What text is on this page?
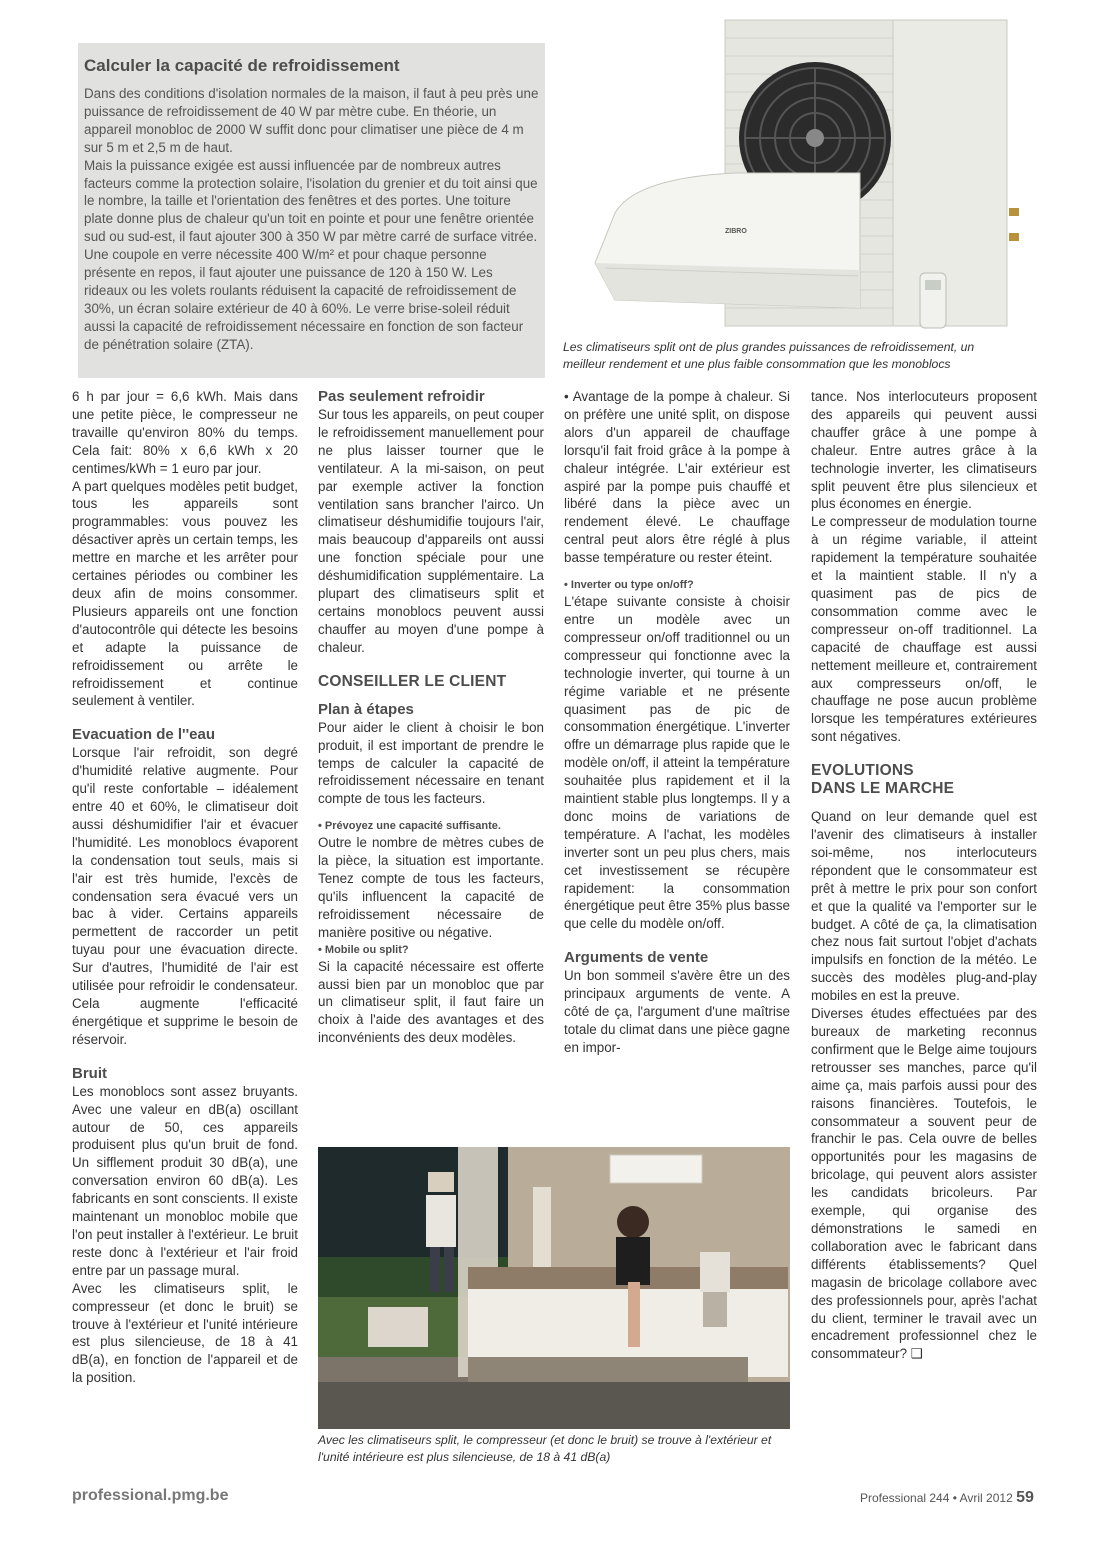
Calculer la capacité de refroidissement

Dans des conditions d'isolation normales de la maison, il faut à peu près une puissance de refroidissement de 40 W par mètre cube. En théorie, un appareil monobloc de 2000 W suffit donc pour climatiser une pièce de 4 m sur 5 m et 2,5 m de haut.

Mais la puissance exigée est aussi influencée par de nombreux autres facteurs comme la protection solaire, l'isolation du grenier et du toit ainsi que le nombre, la taille et l'orientation des fenêtres et des portes. Une toiture plate donne plus de chaleur qu'un toit en pointe et pour une fenêtre orientée sud ou sud-est, il faut ajouter 300 à 350 W par mètre carré de surface vitrée. Une coupole en verre nécessite 400 W/m² et pour chaque personne présente en repos, il faut ajouter une puissance de 120 à 150 W. Les rideaux ou les volets roulants réduisent la capacité de refroidissement de 30%, un écran solaire extérieur de 40 à 60%. Le verre brise-soleil réduit aussi la capacité de refroidissement nécessaire en fonction de son facteur de pénétration solaire (ZTA).

ZIBRO
Les climatiseurs split ont de plus grandes puissances de refroidissement, un meilleur rendement et une plus faible consommation que les monoblocs

6 h par jour = 6,6 kWh. Mais dans une petite pièce, le compresseur ne travaille qu'environ 80% du temps. Cela fait: 80% x 6,6 kWh x 20 centimes/kWh = 1 euro par jour.

A part quelques modèles petit budget, tous les appareils sont programmables: vous pouvez les désactiver après un certain temps, les mettre en marche et les arrêter pour certaines périodes ou combiner les deux afin de moins consommer. Plusieurs appareils ont une fonction d'autocontrôle qui détecte les besoins et adapte la puissance de refroidissement ou arrête le refroidissement et continue seulement à ventiler.

Evacuation de l''eau

Lorsque l'air refroidit, son degré d'humidité relative augmente. Pour qu'il reste confortable – idéalement entre 40 et 60%, le climatiseur doit aussi déshumidifier l'air et évacuer l'humidité. Les monoblocs évaporent la condensation tout seuls, mais si l'air est très humide, l'excès de condensation sera évacué vers un bac à vider. Certains appareils permettent de raccorder un petit tuyau pour une évacuation directe. Sur d'autres, l'humidité de l'air est utilisée pour refroidir le condensateur. Cela augmente l'efficacité énergétique et supprime le besoin de réservoir.

Bruit

Les monoblocs sont assez bruyants. Avec une valeur en dB(a) oscillant autour de 50, ces appareils produisent plus qu'un bruit de fond. Un sifflement produit 30 dB(a), une conversation environ 60 dB(a). Les fabricants en sont conscients. Il existe maintenant un monobloc mobile que l'on peut installer à l'extérieur. Le bruit reste donc à l'extérieur et l'air froid entre par un passage mural.

Avec les climatiseurs split, le compresseur (et donc le bruit) se trouve à l'extérieur et l'unité intérieure est plus silencieuse, de 18 à 41 dB(a), en fonction de l'appareil et de la position.

Pas seulement refroidir

Sur tous les appareils, on peut couper le refroidissement manuellement pour ne plus laisser tourner que le ventilateur. A la mi-saison, on peut par exemple activer la fonction ventilation sans brancher l'airco. Un climatiseur déshumidifie toujours l'air, mais beaucoup d'appareils ont aussi une fonction spéciale pour une déshumidification supplémentaire. La plupart des climatiseurs split et certains monoblocs peuvent aussi chauffer au moyen d'une pompe à chaleur.

CONSEILLER LE CLIENT
Plan à étapes

Pour aider le client à choisir le bon produit, il est important de prendre le temps de calculer la capacité de refroidissement nécessaire en tenant compte de tous les facteurs.

• Prévoyez une capacité suffisante.

Outre le nombre de mètres cubes de la pièce, la situation est importante. Tenez compte de tous les facteurs, qu'ils influencent la capacité de refroidissement nécessaire de manière positive ou négative.

• Mobile ou split?

Si la capacité nécessaire est offerte aussi bien par un monobloc que par un climatiseur split, il faut faire un choix à l'aide des avantages et des inconvénients des deux modèles.

• Avantage de la pompe à chaleur. Si on préfère une unité split, on dispose alors d'un appareil de chauffage lorsqu'il fait froid grâce à la pompe à chaleur intégrée. L'air extérieur est aspiré par la pompe puis chauffé et libéré dans la pièce avec un rendement élevé. Le chauffage central peut alors être réglé à plus basse température ou rester éteint.

• Inverter ou type on/off?

L'étape suivante consiste à choisir entre un modèle avec un compresseur on/off traditionnel ou un compresseur qui fonctionne avec la technologie inverter, qui tourne à un régime variable et ne présente quasiment pas de pic de consommation énergétique. L'inverter offre un démarrage plus rapide que le modèle on/off, il atteint la température souhaitée plus rapidement et il la maintient stable plus longtemps. Il y a donc moins de variations de température. A l'achat, les modèles inverter sont un peu plus chers, mais cet investissement se récupère rapidement: la consommation énergétique peut être 35% plus basse que celle du modèle on/off.

Arguments de vente

Un bon sommeil s'avère être un des principaux arguments de vente. A côté de ça, l'argument d'une maîtrise totale du climat dans une pièce gagne en impor-

tance. Nos interlocuteurs proposent des appareils qui peuvent aussi chauffer grâce à une pompe à chaleur. Entre autres grâce à la technologie inverter, les climatiseurs split peuvent être plus silencieux et plus économes en énergie.

Le compresseur de modulation tourne à un régime variable, il atteint rapidement la température souhaitée et la maintient stable. Il n'y a quasiment pas de pics de consommation comme avec le compresseur on-off traditionnel. La capacité de chauffage est aussi nettement meilleure et, contrairement aux compresseurs on/off, le chauffage ne pose aucun problème lorsque les températures extérieures sont négatives.

EVOLUTIONS
DANS LE MARCHE

Quand on leur demande quel est l'avenir des climatiseurs à installer soi-même, nos interlocuteurs répondent que le consommateur est prêt à mettre le prix pour son confort et que la qualité va l'emporter sur le budget. A côté de ça, la climatisation chez nous fait surtout l'objet d'achats impulsifs en fonction de la météo. Le succès des modèles plug-and-play mobiles en est la preuve.

Diverses études effectuées par des bureaux de marketing reconnus confirment que le Belge aime toujours retrousser ses manches, parce qu'il aime ça, mais parfois aussi pour des raisons financières. Toutefois, le consommateur a souvent peur de franchir le pas. Cela ouvre de belles opportunités pour les magasins de bricolage, qui peuvent alors assister les candidats bricoleurs. Par exemple, qui organise des démonstrations le samedi en collaboration avec le fabricant dans différents établissements? Quel magasin de bricolage collabore avec des professionnels pour, après l'achat du client, terminer le travail avec un encadrement professionnel chez le consommateur? ❑

Avec les climatiseurs split, le compresseur (et donc le bruit) se trouve à l'extérieur et l'unité intérieure est plus silencieuse, de 18 à 41 dB(a)
professional.pmg.be	Professional 244 • Avril 2012 59
